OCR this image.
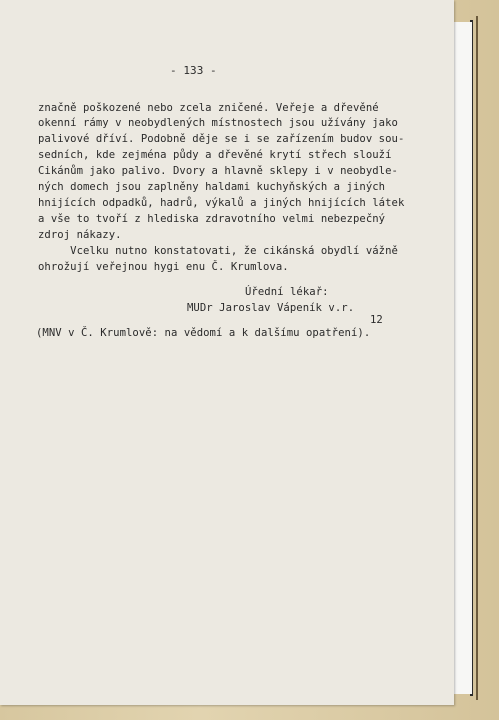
- 133 -
značně poškozené nebo zcela zničené. Veřeje a dřevěné
okenní rámy v neobydlených místnostech jsou užívány jako
palivové dříví. Podobně děje se i se zařízením budov sou-
sedních, kde zejména půdy a dřevěné krytí střech slouží
Cikánům jako palivo. Dvory a hlavně sklepy i v neobydle-
ných domech jsou zaplněny haldami kuchyňských a jiných
hnijících odpadků, hadrů, výkalů a jiných hnijících látek
a vše to tvoří z hlediska zdravotního velmi nebezpečný
zdroj nákazy.
Vcelku nutno konstatovati, že cikánská obydlí vážně
ohrožují veřejnou hygi enu Č. Krumlova.
Úřední lékař:
MUDr Jaroslav Vápeník v.r.
12
(MNV v Č. Krumlově: na vědomí a k dalšímu opatření).
